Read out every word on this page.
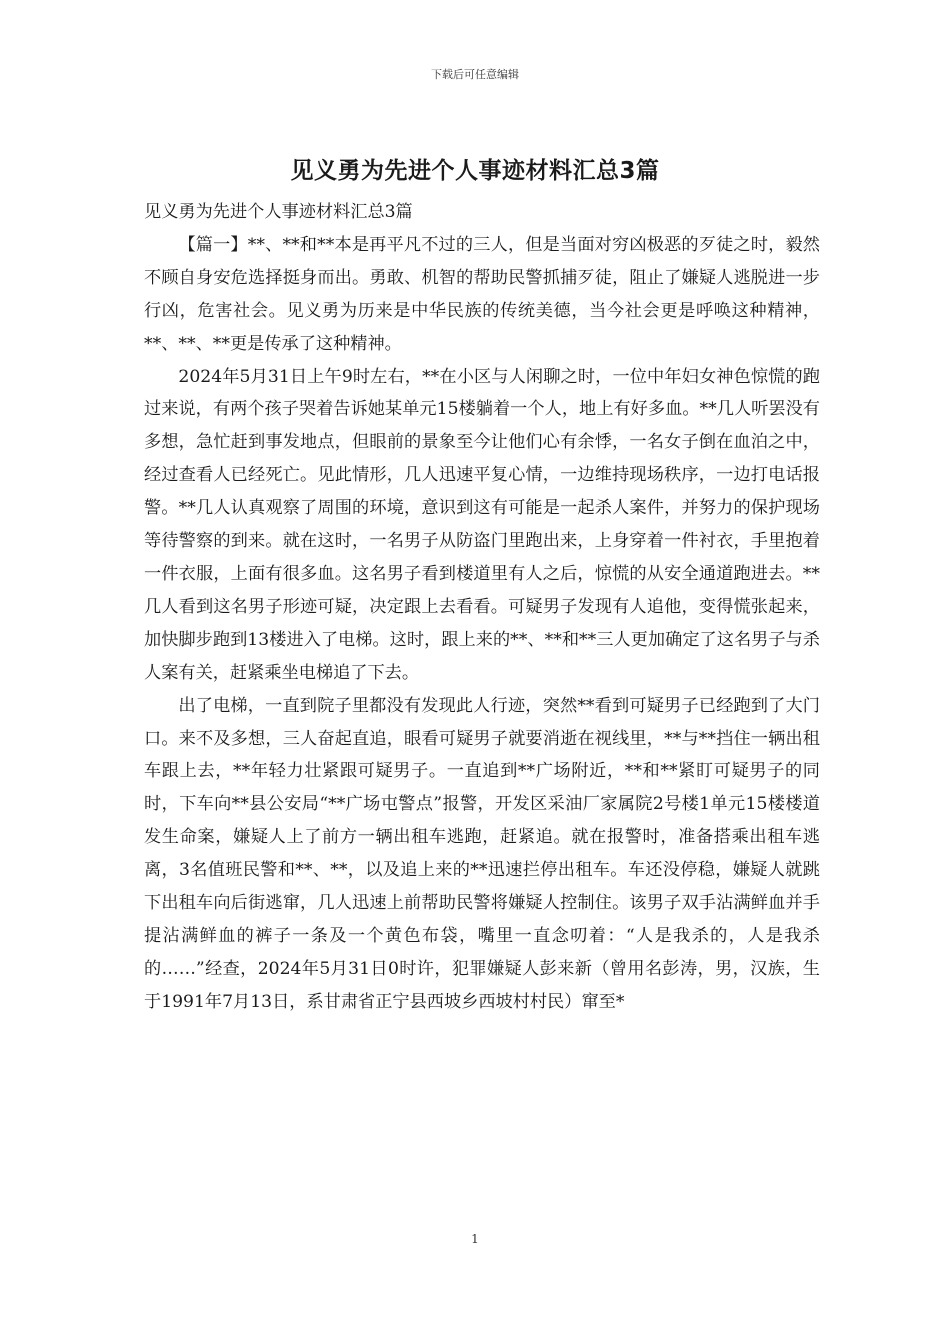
下载后可任意编辑
见义勇为先进个人事迹材料汇总3篇

见义勇为先进个人事迹材料汇总3篇

【篇一】**、**和**本是再平凡不过的三人，但是当面对穷凶极恶的歹徒之时，毅然不顾自身安危选择挺身而出。勇敢、机智的帮助民警抓捕歹徒，阻止了嫌疑人逃脱进一步行凶，危害社会。见义勇为历来是中华民族的传统美德，当今社会更是呼唤这种精神，**、**、**更是传承了这种精神。

2024年5月31日上午9时左右，**在小区与人闲聊之时，一位中年妇女神色惊慌的跑过来说，有两个孩子哭着告诉她某单元15楼躺着一个人，地上有好多血。**几人听罢没有多想，急忙赶到事发地点，但眼前的景象至今让他们心有余悸，一名女子倒在血泊之中，经过查看人已经死亡。见此情形，几人迅速平复心情，一边维持现场秩序，一边打电话报警。**几人认真观察了周围的环境，意识到这有可能是一起杀人案件，并努力的保护现场等待警察的到来。就在这时，一名男子从防盗门里跑出来，上身穿着一件衬衣，手里抱着一件衣服，上面有很多血。这名男子看到楼道里有人之后，惊慌的从安全通道跑进去。**几人看到这名男子形迹可疑，决定跟上去看看。可疑男子发现有人追他，变得慌张起来，加快脚步跑到13楼进入了电梯。这时，跟上来的**、**和**三人更加确定了这名男子与杀人案有关，赶紧乘坐电梯追了下去。

出了电梯，一直到院子里都没有发现此人行迹，突然**看到可疑男子已经跑到了大门口。来不及多想，三人奋起直追，眼看可疑男子就要消逝在视线里，**与**挡住一辆出租车跟上去，**年轻力壮紧跟可疑男子。一直追到**广场附近，**和**紧盯可疑男子的同时，下车向**县公安局“**广场屯警点”报警，开发区采油厂家属院2号楼1单元15楼楼道发生命案，嫌疑人上了前方一辆出租车逃跑，赶紧追。就在报警时，准备搭乘出租车逃离，3名值班民警和**、**，以及追上来的**迅速拦停出租车。车还没停稳，嫌疑人就跳下出租车向后街逃窜，几人迅速上前帮助民警将嫌疑人控制住。该男子双手沾满鲜血并手提沾满鲜血的裤子一条及一个黄色布袋，嘴里一直念叨着：“人是我杀的，人是我杀的……”经查，2024年5月31日0时许，犯罪嫌疑人彭来新（曾用名彭涛，男，汉族，生于1991年7月13日，系甘肃省正宁县西坡乡西坡村村民）窜至*

1
